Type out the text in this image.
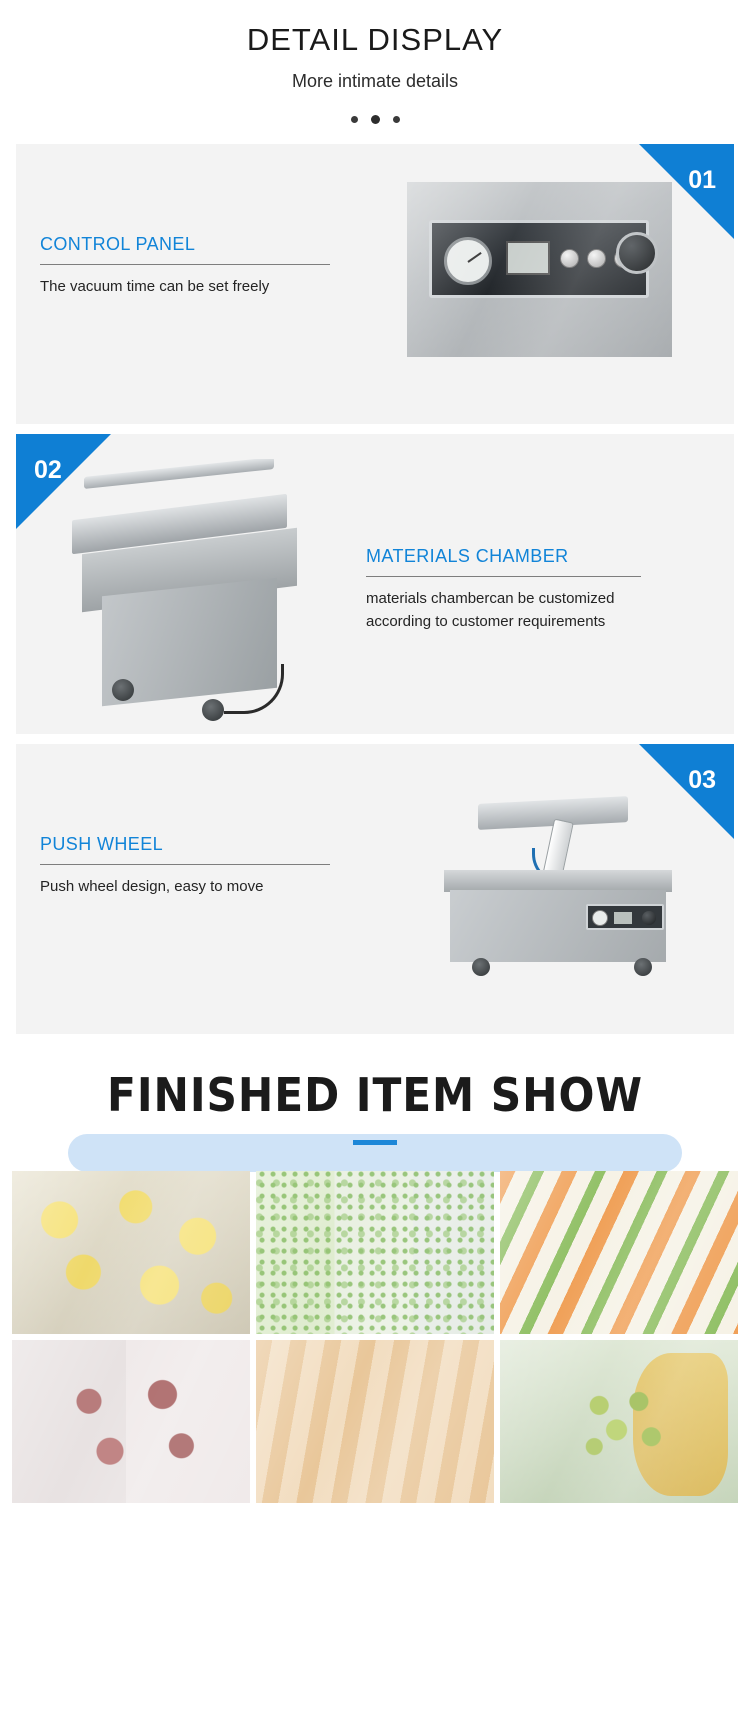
DETAIL DISPLAY
More intimate details
01
CONTROL PANEL

The vacuum time can be set freely

02
MATERIALS CHAMBER

materials chambercan be customized according to customer requirements

03
PUSH WHEEL

Push wheel design, easy to move

FINISHED ITEM SHOW
